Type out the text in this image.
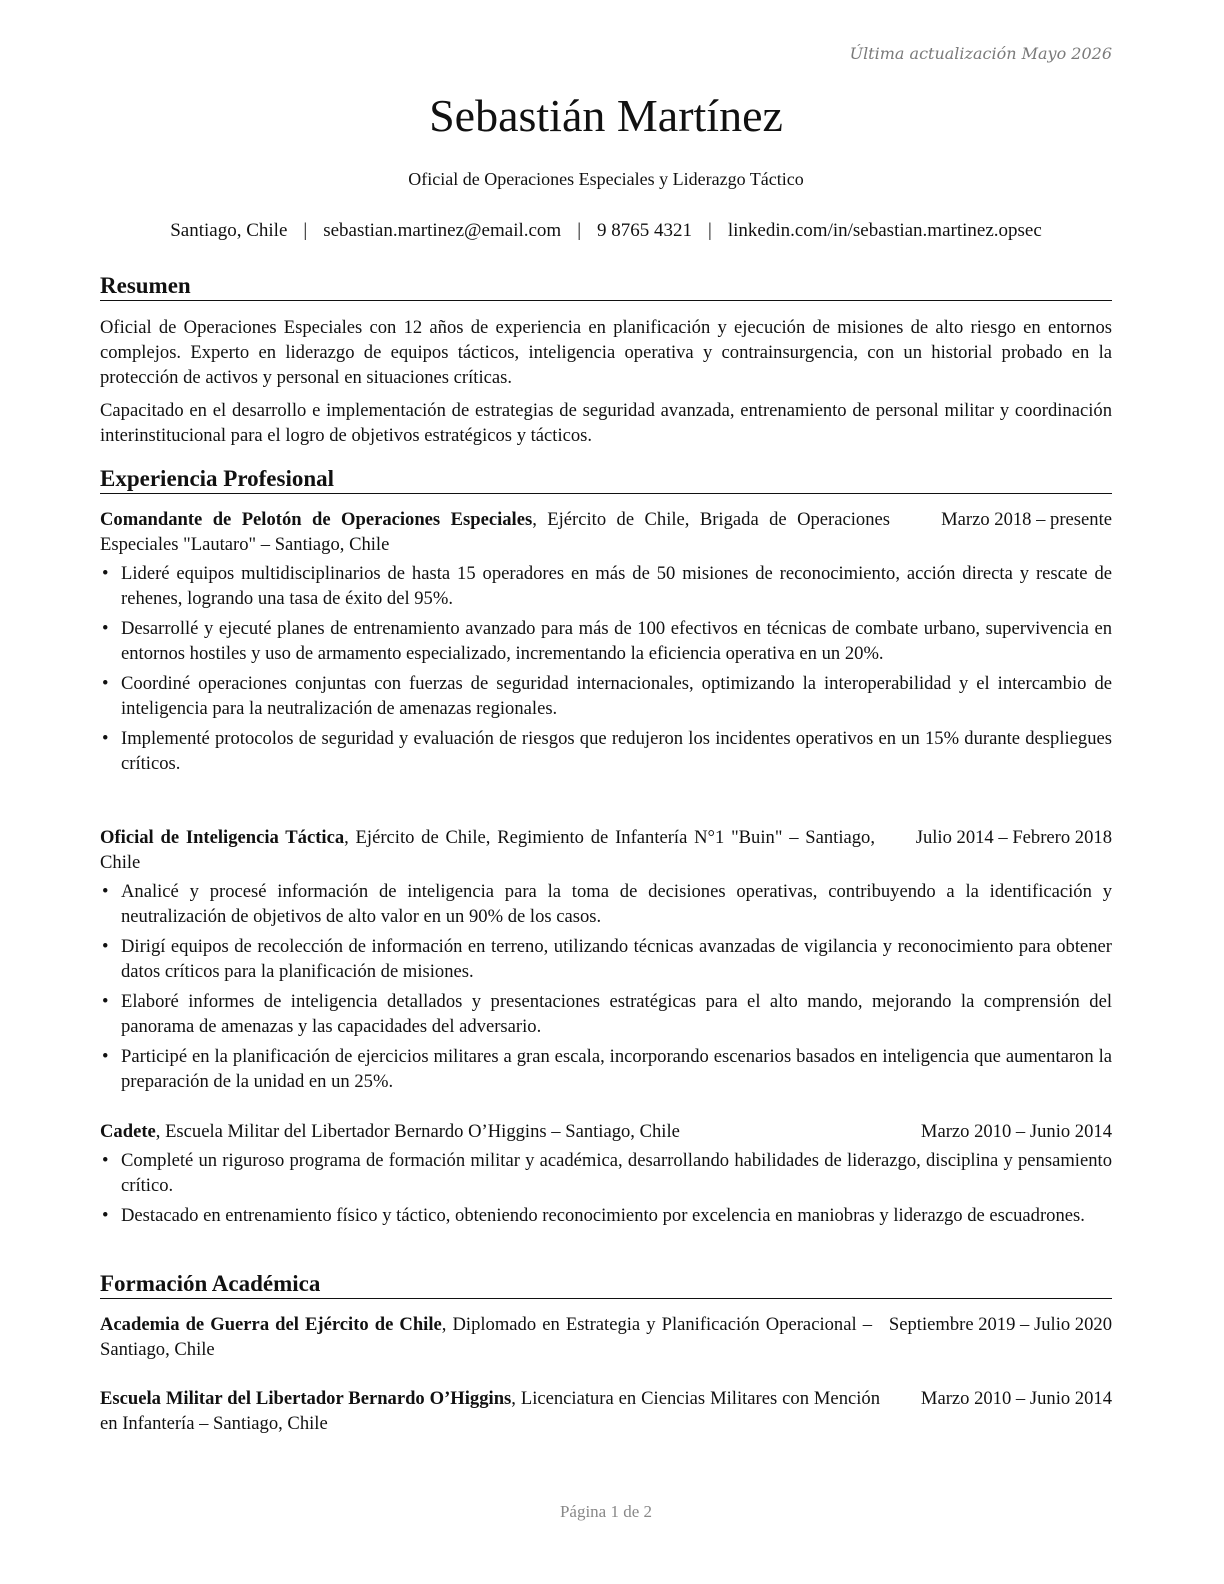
Última actualización Mayo 2026
Sebastián Martínez
Oficial de Operaciones Especiales y Liderazgo Táctico
Santiago, Chile | sebastian.martinez@email.com | 9 8765 4321 | linkedin.com/in/sebastian.martinez.opsec
Resumen

Oficial de Operaciones Especiales con 12 años de experiencia en planificación y ejecución de misiones de alto riesgo en entornos complejos. Experto en liderazgo de equipos tácticos, inteligencia operativa y contrainsurgencia, con un historial probado en la protección de activos y personal en situaciones críticas.

Capacitado en el desarrollo e implementación de estrategias de seguridad avanzada, entrenamiento de personal militar y coordinación interinstitucional para el logro de objetivos estratégicos y tácticos.

Experiencia Profesional
Comandante de Pelotón de Operaciones Especiales, Ejército de Chile, Brigada de Operaciones Especiales "Lautaro" – Santiago, Chile
Marzo 2018 – presente
• Lideré equipos multidisciplinarios de hasta 15 operadores en más de 50 misiones de reconocimiento, acción directa y rescate de rehenes, logrando una tasa de éxito del 95%.
• Desarrollé y ejecuté planes de entrenamiento avanzado para más de 100 efectivos en técnicas de combate urbano, supervivencia en entornos hostiles y uso de armamento especializado, incrementando la eficiencia operativa en un 20%.
• Coordiné operaciones conjuntas con fuerzas de seguridad internacionales, optimizando la interoperabilidad y el intercambio de inteligencia para la neutralización de amenazas regionales.
• Implementé protocolos de seguridad y evaluación de riesgos que redujeron los incidentes operativos en un 15% durante despliegues críticos.
Oficial de Inteligencia Táctica, Ejército de Chile, Regimiento de Infantería N°1 "Buin" – Santiago, Chile
Julio 2014 – Febrero 2018
• Analicé y procesé información de inteligencia para la toma de decisiones operativas, contribuyendo a la identificación y neutralización de objetivos de alto valor en un 90% de los casos.
• Dirigí equipos de recolección de información en terreno, utilizando técnicas avanzadas de vigilancia y reconocimiento para obtener datos críticos para la planificación de misiones.
• Elaboré informes de inteligencia detallados y presentaciones estratégicas para el alto mando, mejorando la comprensión del panorama de amenazas y las capacidades del adversario.
• Participé en la planificación de ejercicios militares a gran escala, incorporando escenarios basados en inteligencia que aumentaron la preparación de la unidad en un 25%.
Cadete, Escuela Militar del Libertador Bernardo O’Higgins – Santiago, Chile	Marzo 2010 – Junio 2014
• Completé un riguroso programa de formación militar y académica, desarrollando habilidades de liderazgo, disciplina y pensamiento crítico.
• Destacado en entrenamiento físico y táctico, obteniendo reconocimiento por excelencia en maniobras y liderazgo de escuadrones.
Formación Académica
Academia de Guerra del Ejército de Chile, Diplomado en Estrategia y Planificación Operacional – Santiago, Chile
Septiembre 2019 – Julio 2020
Escuela Militar del Libertador Bernardo O’Higgins, Licenciatura en Ciencias Militares con Mención en Infantería – Santiago, Chile
Marzo 2010 – Junio 2014
Página 1 de 2
